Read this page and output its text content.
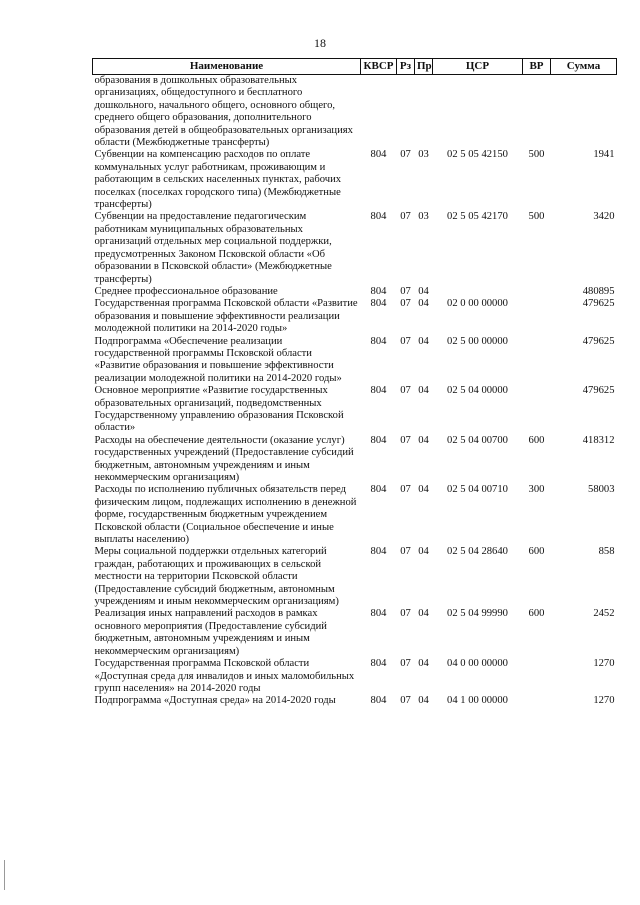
18
Наименование	КВСР	Рз	Пр	ЦСР	ВР	Сумма
образования в дошкольных образовательных организациях, общедоступного и бесплатного дошкольного, начального общего, основного общего, среднего общего образования, дополнительного образования детей в общеобразовательных организациях области (Межбюджетные трансферты)						
Субвенции на компенсацию расходов по оплате коммунальных услуг работникам, проживающим и работающим в сельских населенных пунктах, рабочих поселках (поселках городского типа) (Межбюджетные трансферты)	804	07	03	02 5 05 42150	500	1941
Субвенции на предоставление педагогическим работникам муниципальных образовательных организаций отдельных мер социальной поддержки, предусмотренных Законом Псковской области «Об образовании в Псковской области» (Межбюджетные трансферты)	804	07	03	02 5 05 42170	500	3420
Среднее профессиональное образование	804	07	04			480895
Государственная программа Псковской области «Развитие образования и повышение эффективности реализации молодежной политики на 2014-2020 годы»	804	07	04	02 0 00 00000		479625
Подпрограмма «Обеспечение реализации государственной программы Псковской области «Развитие образования и повышение эффективности реализации молодежной политики на 2014-2020 годы»	804	07	04	02 5 00 00000		479625
Основное мероприятие «Развитие государственных образовательных организаций, подведомственных Государственному управлению образования Псковской области»	804	07	04	02 5 04 00000		479625
Расходы на обеспечение деятельности (оказание услуг) государственных учреждений (Предоставление субсидий бюджетным, автономным учреждениям и иным некоммерческим организациям)	804	07	04	02 5 04 00700	600	418312
Расходы по исполнению публичных обязательств перед физическим лицом, подлежащих исполнению в денежной форме, государственным бюджетным учреждением Псковской области (Социальное обеспечение и иные выплаты населению)	804	07	04	02 5 04 00710	300	58003
Меры социальной поддержки отдельных категорий граждан, работающих и проживающих в сельской местности на территории Псковской области (Предоставление субсидий бюджетным, автономным учреждениям и иным некоммерческим организациям)	804	07	04	02 5 04 28640	600	858
Реализация иных направлений расходов в рамках основного мероприятия (Предоставление субсидий бюджетным, автономным учреждениям и иным некоммерческим организациям)	804	07	04	02 5 04 99990	600	2452
Государственная программа Псковской области «Доступная среда для инвалидов и иных маломобильных групп населения» на 2014-2020 годы	804	07	04	04 0 00 00000		1270
Подпрограмма «Доступная среда» на 2014-2020 годы	804	07	04	04 1 00 00000		1270
